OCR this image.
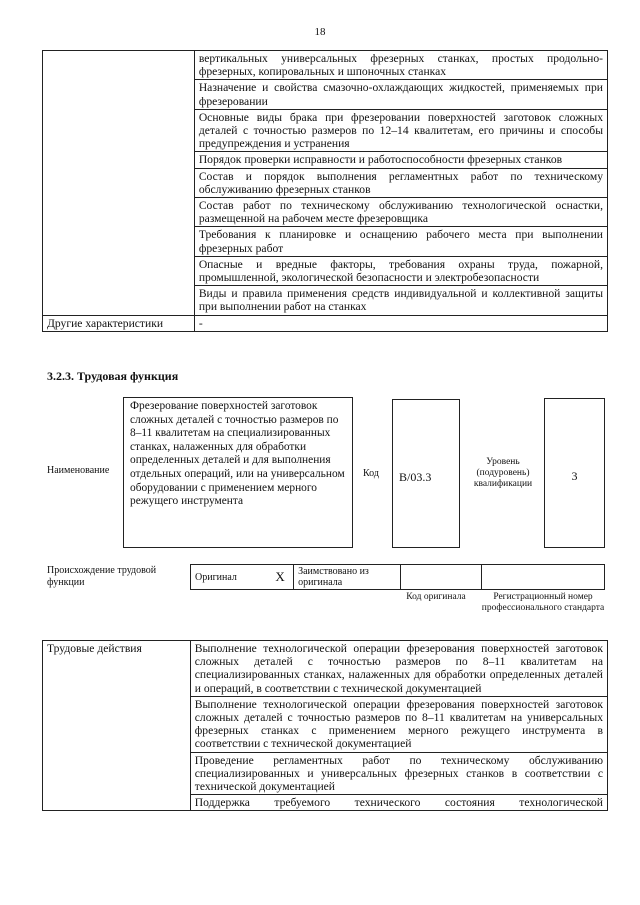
18
	вертикальных универсальных фрезерных станках, простых продольно-фрезерных, копировальных и шпоночных станках
	Назначение и свойства смазочно-охлаждающих жидкостей, применяемых при фрезеровании
	Основные виды брака при фрезеровании поверхностей заготовок сложных деталей с точностью размеров по 12–14 квалитетам, его причины и способы предупреждения и устранения
	Порядок проверки исправности и работоспособности фрезерных станков
	Состав и порядок выполнения регламентных работ по техническому обслуживанию фрезерных станков
	Состав работ по техническому обслуживанию технологической оснастки, размещенной на рабочем месте фрезеровщика
	Требования к планировке и оснащению рабочего места при выполнении фрезерных работ
	Опасные и вредные факторы, требования охраны труда, пожарной, промышленной, экологической безопасности и электробезопасности
	Виды и правила применения средств индивидуальной и коллективной защиты при выполнении работ на станках
Другие характеристики	-
3.2.3. Трудовая функция
Наименование
Фрезерование поверхностей заготовок сложных деталей с точностью размеров по 8–11 квалитетам на специализированных станках, налаженных для обработки определенных деталей и для выполнения отдельных операций, или на универсальном оборудовании с применением мерного режущего инструмента
Код	B/03.3
Уровень (подуровень) квалификации
3
Происхождение трудовой функции	Оригинал	X	Заимствовано из оригинала		
Код оригинала	Регистрационный номер профессионального стандарта
Трудовые действия	Выполнение технологической операции фрезерования поверхностей заготовок сложных деталей с точностью размеров по 8–11 квалитетам на специализированных станках, налаженных для обработки определенных деталей и операций, в соответствии с технической документацией
Выполнение технологической операции фрезерования поверхностей заготовок сложных деталей с точностью размеров по 8–11 квалитетам на универсальных фрезерных станках с применением мерного режущего инструмента в соответствии с технической документацией
Проведение регламентных работ по техническому обслуживанию специализированных и универсальных фрезерных станков в соответствии с технической документацией
Поддержка требуемого технического состояния технологической
